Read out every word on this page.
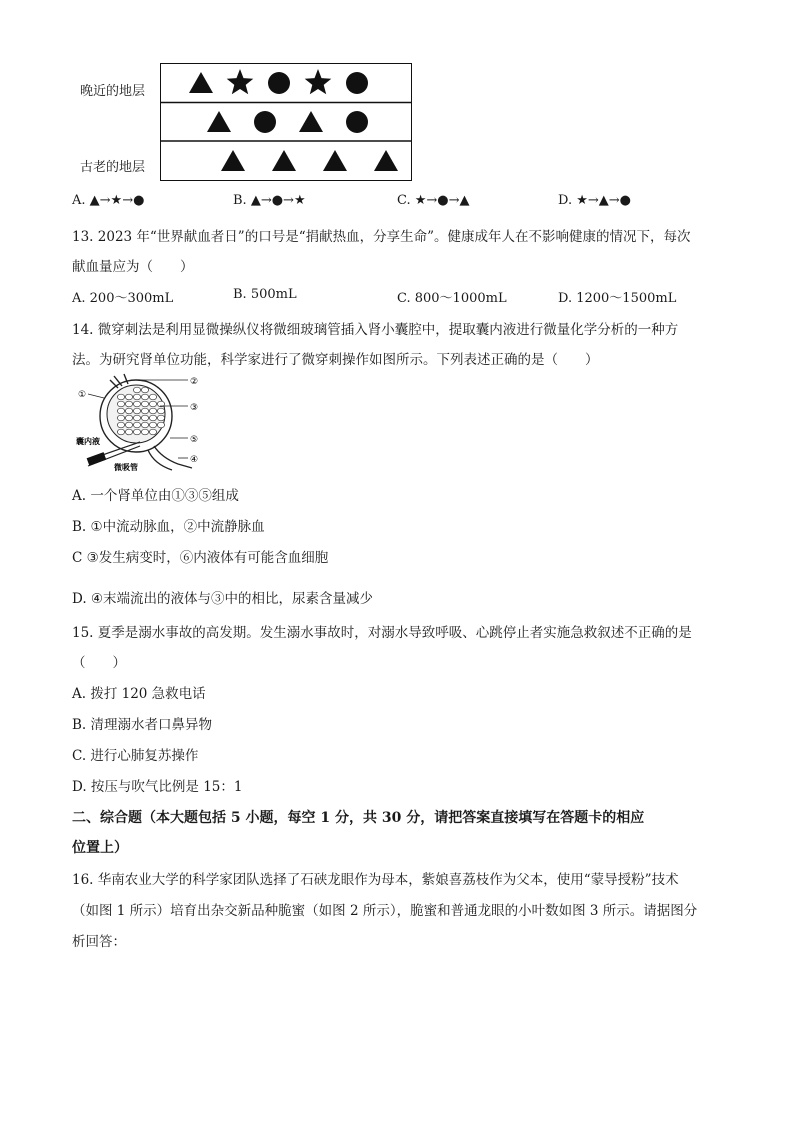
晚近的地层
古老的地层
A. ▲→★→●	B. ▲→●→★	C. ★→●→▲	D. ★→▲→●
13. 2023 年“世界献血者日”的口号是“捐献热血，分享生命”。健康成年人在不影响健康的情况下，每次
献血量应为（　　）
A. 200～300mL	B. 500mL	C. 800～1000mL	D. 1200～1500mL
14. 微穿刺法是利用显微操纵仪将微细玻璃管插入肾小囊腔中，提取囊内液进行微量化学分析的一种方
法。为研究肾单位功能，科学家进行了微穿刺操作如图所示。下列表述正确的是（　　）
①
②
③
⑤
④
囊内液
微吸管
A. 一个肾单位由①③⑤组成
B. ①中流动脉血，②中流静脉血
C ③发生病变时，⑥内液体有可能含血细胞
D. ④末端流出的液体与③中的相比，尿素含量减少
15. 夏季是溺水事故的高发期。发生溺水事故时，对溺水导致呼吸、心跳停止者实施急救叙述不正确的是
（　　）
A. 拨打 120 急救电话
B. 清理溺水者口鼻异物
C. 进行心肺复苏操作
D. 按压与吹气比例是 15：1
二、综合题（本大题包括 5 小题，每空 1 分，共 30 分，请把答案直接填写在答题卡的相应
位置上）
16. 华南农业大学的科学家团队选择了石硖龙眼作为母本，紫娘喜荔枝作为父本，使用“蒙导授粉”技术
（如图 1 所示）培育出杂交新品种脆蜜（如图 2 所示），脆蜜和普通龙眼的小叶数如图 3 所示。请据图分
析回答：
